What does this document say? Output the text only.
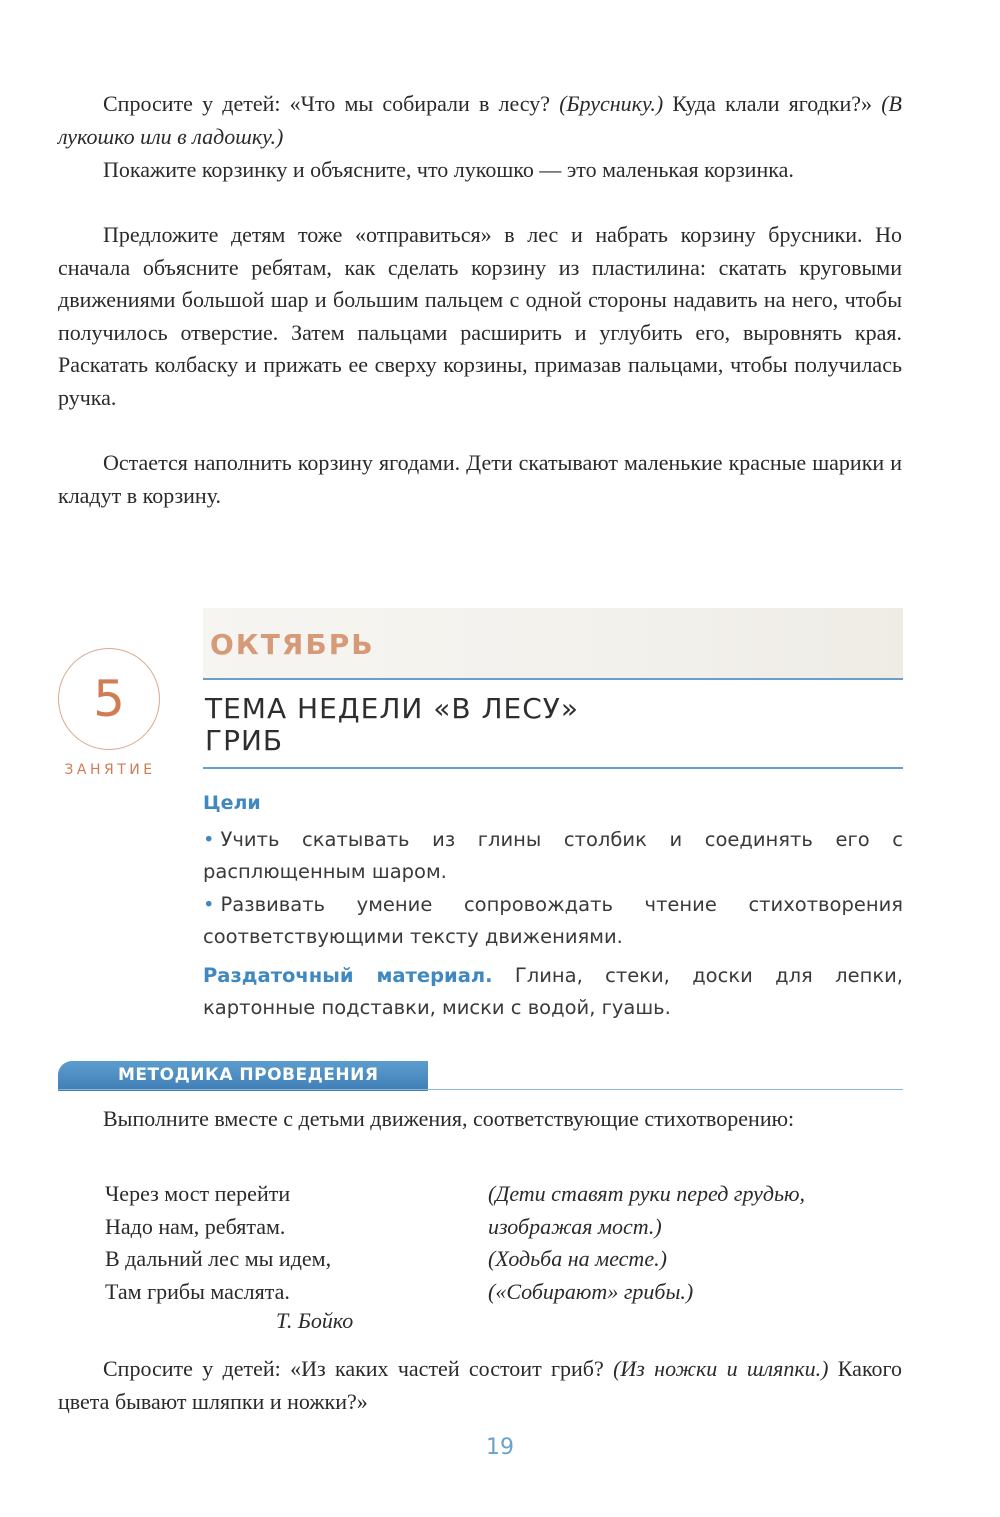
Спросите у детей: «Что мы собирали в лесу? (Бруснику.) Куда клали ягодки?» (В лукошко или в ладошку.)

Покажите корзинку и объясните, что лукошко — это маленькая корзинка.

Предложите детям тоже «отправиться» в лес и набрать корзину брусники. Но сначала объясните ребятам, как сделать корзину из пластилина: скатать круговыми движениями большой шар и большим пальцем с одной стороны надавить на него, чтобы получилось отверстие. Затем пальцами расширить и углубить его, выровнять края. Раскатать колбаску и прижать ее сверху корзины, примазав пальцами, чтобы получилась ручка.

Остается наполнить корзину ягодами. Дети скатывают маленькие красные шарики и кладут в корзину.

ОКТЯБРЬ
5
ЗАНЯТИЕ
ТЕМА НЕДЕЛИ «В ЛЕСУ»
ГРИБ
Цели

• Учить скатывать из глины столбик и соединять его с расплющенным шаром.

• Развивать умение сопровождать чтение стихотворения соответствующими тексту движениями.

Раздаточный материал. Глина, стеки, доски для лепки, картонные подставки, миски с водой, гуашь.

МЕТОДИКА ПРОВЕДЕНИЯ

Выполните вместе с детьми движения, соответствующие стихотворению:

Через мост перейти
Надо нам, ребятам.
В дальний лес мы идем,
Там грибы маслята.
(Дети ставят руки перед грудью,
изображая мост.)
(Ходьба на месте.)
(«Собирают» грибы.)
Т. Бойко

Спросите у детей: «Из каких частей состоит гриб? (Из ножки и шляпки.) Какого цвета бывают шляпки и ножки?»

19
